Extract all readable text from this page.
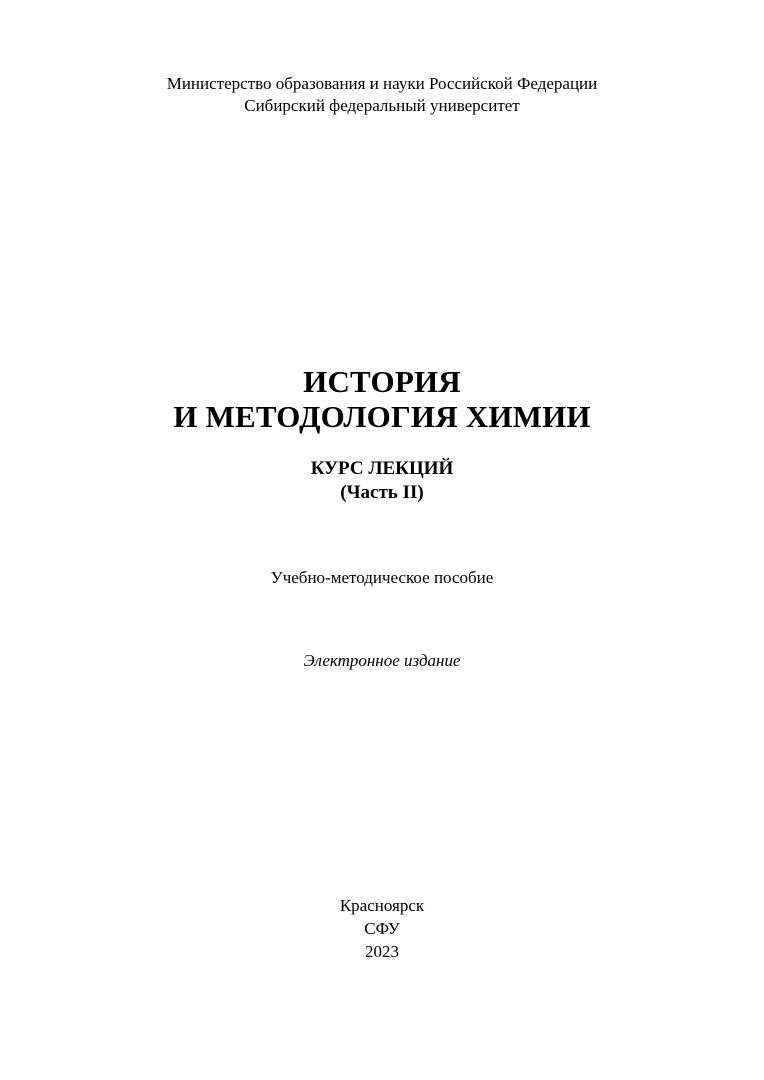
Министерство образования и науки Российской Федерации
Сибирский федеральный университет
ИСТОРИЯ
И МЕТОДОЛОГИЯ ХИМИИ
КУРС ЛЕКЦИЙ
(Часть II)
Учебно-методическое пособие
Электронное издание
Красноярск
СФУ
2023
